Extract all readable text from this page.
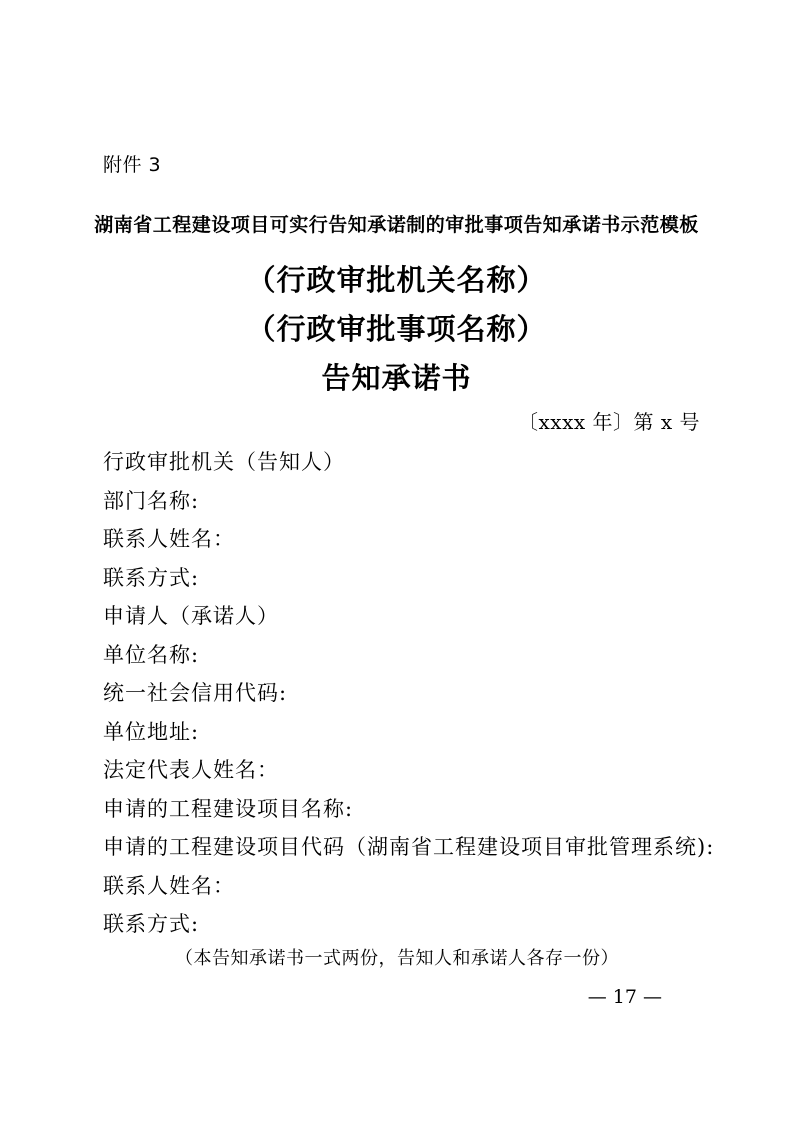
附件 3
湖南省工程建设项目可实行告知承诺制的审批事项告知承诺书示范模板
（行政审批机关名称）
（行政审批事项名称）
告知承诺书
〔xxxx 年〕第 x 号

行政审批机关（告知人）

部门名称:

联系人姓名：

联系方式:

申请人（承诺人）

单位名称:

统一社会信用代码:

单位地址:

法定代表人姓名：

申请的工程建设项目名称:

申请的工程建设项目代码（湖南省工程建设项目审批管理系统):

联系人姓名：

联系方式:

（本告知承诺书一式两份，告知人和承诺人各存一份）
— 17 —
